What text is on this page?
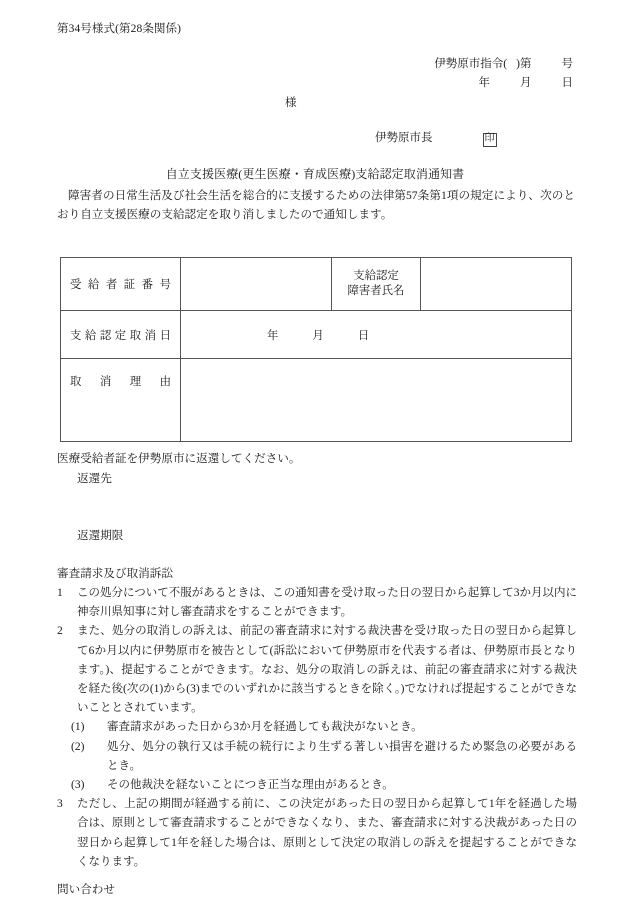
第34号様式(第28条関係)
伊勢原市指令( )第	号
年	月	日
様
伊勢原市長	印
自立支援医療(更生医療・育成医療)支給認定取消通知書
障害者の日常生活及び社会生活を総合的に支援するための法律第57条第1項の規定により、次のとおり自立支援医療の支給認定を取り消しましたので通知します。
受給者証番号		支給認定
障害者氏名	

支給認定取消日	年 月 日		

取消理由			

医療受給者証を伊勢原市に返還してください。
返還先
返還期限
審査請求及び取消訴訟
1	この処分について不服があるときは、この通知書を受け取った日の翌日から起算して3か月以内に神奈川県知事に対し審査請求をすることができます。
2	また、処分の取消しの訴えは、前記の審査請求に対する裁決書を受け取った日の翌日から起算して6か月以内に伊勢原市を被告として(訴訟において伊勢原市を代表する者は、伊勢原市長となります。)、提起することができます。なお、処分の取消しの訴えは、前記の審査請求に対する裁決を経た後(次の(1)から(3)までのいずれかに該当するときを除く。)でなければ提起することができないこととされています。
(1) 審査請求があった日から3か月を経過しても裁決がないとき。
(2) 処分、処分の執行又は手続の続行により生ずる著しい損害を避けるため緊急の必要があるとき。
(3) その他裁決を経ないことにつき正当な理由があるとき。
3	ただし、上記の期間が経過する前に、この決定があった日の翌日から起算して1年を経過した場合は、原則として審査請求することができなくなり、また、審査請求に対する決裁があった日の翌日から起算して1年を経した場合は、原則として決定の取消しの訴えを提起することができなくなります。
問い合わせ
